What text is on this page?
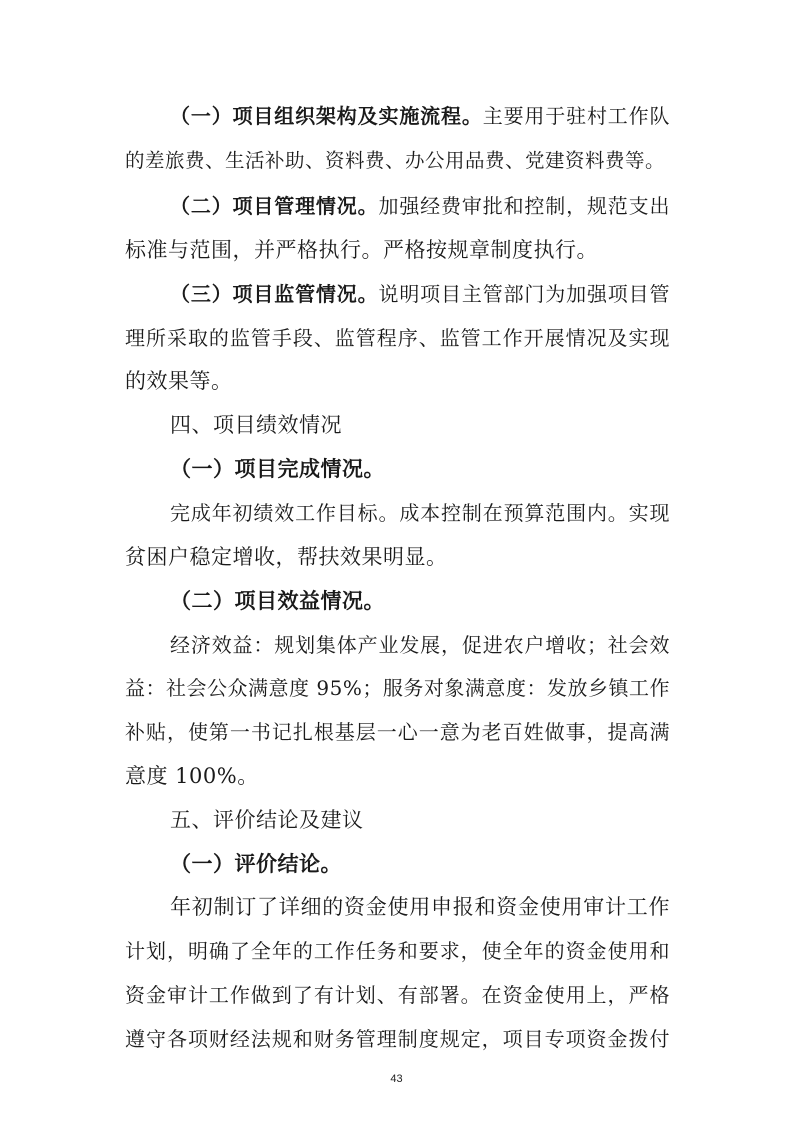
（一）项目组织架构及实施流程。主要用于驻村工作队
的差旅费、生活补助、资料费、办公用品费、党建资料费等。
（二）项目管理情况。加强经费审批和控制，规范支出
标准与范围，并严格执行。严格按规章制度执行。
（三）项目监管情况。说明项目主管部门为加强项目管
理所采取的监管手段、监管程序、监管工作开展情况及实现
的效果等。
四、项目绩效情况
（一）项目完成情况。
完成年初绩效工作目标。成本控制在预算范围内。实现
贫困户稳定增收，帮扶效果明显。
（二）项目效益情况。
经济效益：规划集体产业发展，促进农户增收；社会效
益：社会公众满意度 95%；服务对象满意度：发放乡镇工作
补贴，使第一书记扎根基层一心一意为老百姓做事，提高满
意度 100%。
五、评价结论及建议
（一）评价结论。
年初制订了详细的资金使用申报和资金使用审计工作
计划，明确了全年的工作任务和要求，使全年的资金使用和
资金审计工作做到了有计划、有部署。在资金使用上，严格
遵守各项财经法规和财务管理制度规定，项目专项资金拨付
43
